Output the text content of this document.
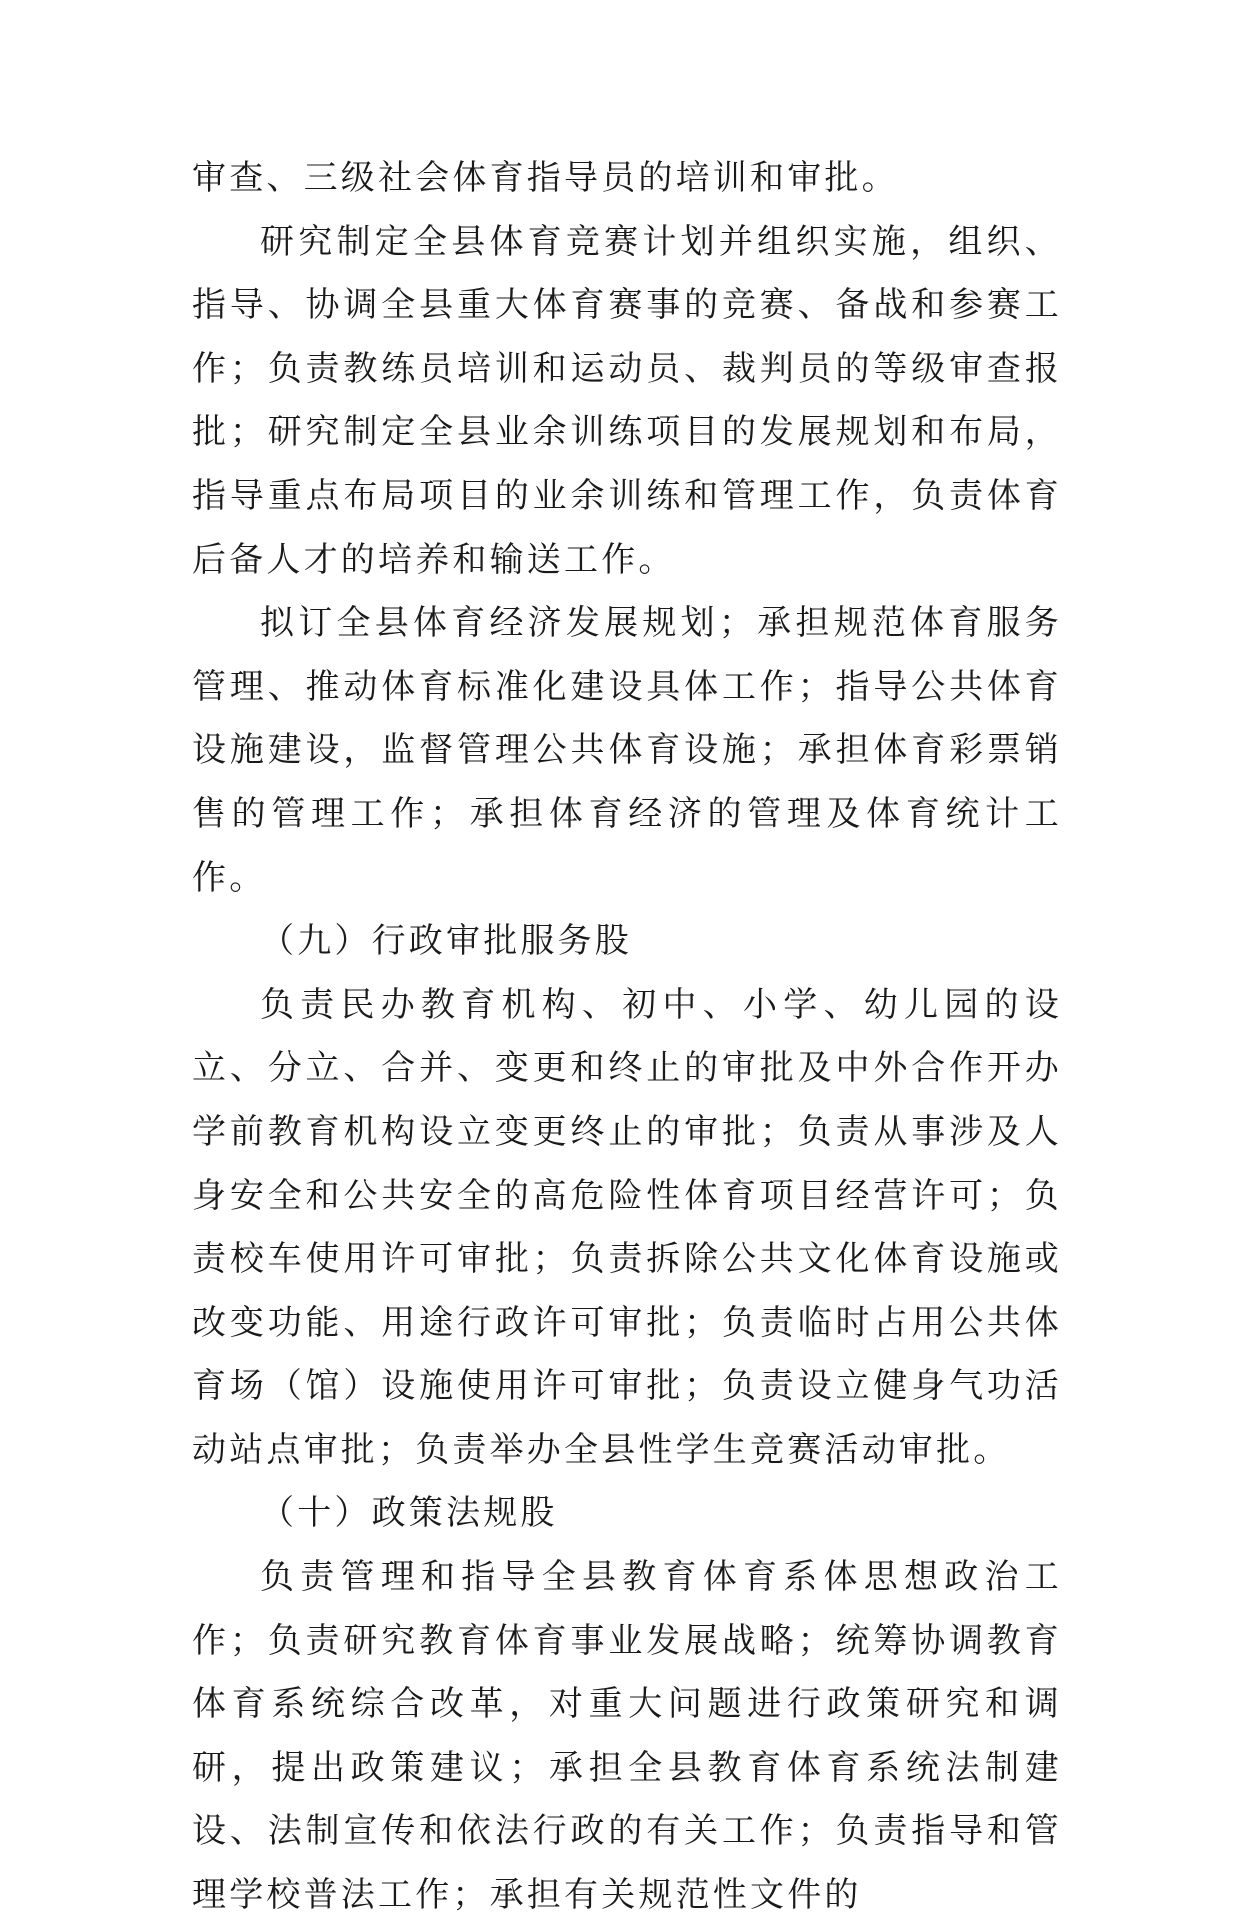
审查、三级社会体育指导员的培训和审批。

研究制定全县体育竞赛计划并组织实施，组织、指导、协调全县重大体育赛事的竞赛、备战和参赛工作；负责教练员培训和运动员、裁判员的等级审查报批；研究制定全县业余训练项目的发展规划和布局，指导重点布局项目的业余训练和管理工作，负责体育后备人才的培养和输送工作。

拟订全县体育经济发展规划；承担规范体育服务管理、推动体育标准化建设具体工作；指导公共体育设施建设，监督管理公共体育设施；承担体育彩票销售的管理工作；承担体育经济的管理及体育统计工作。

（九）行政审批服务股

负责民办教育机构、初中、小学、幼儿园的设立、分立、合并、变更和终止的审批及中外合作开办学前教育机构设立变更终止的审批；负责从事涉及人身安全和公共安全的高危险性体育项目经营许可；负责校车使用许可审批；负责拆除公共文化体育设施或改变功能、用途行政许可审批；负责临时占用公共体育场（馆）设施使用许可审批；负责设立健身气功活动站点审批；负责举办全县性学生竞赛活动审批。

（十）政策法规股

负责管理和指导全县教育体育系体思想政治工作；负责研究教育体育事业发展战略；统筹协调教育体育系统综合改革，对重大问题进行政策研究和调研，提出政策建议；承担全县教育体育系统法制建设、法制宣传和依法行政的有关工作；负责指导和管理学校普法工作；承担有关规范性文件的
